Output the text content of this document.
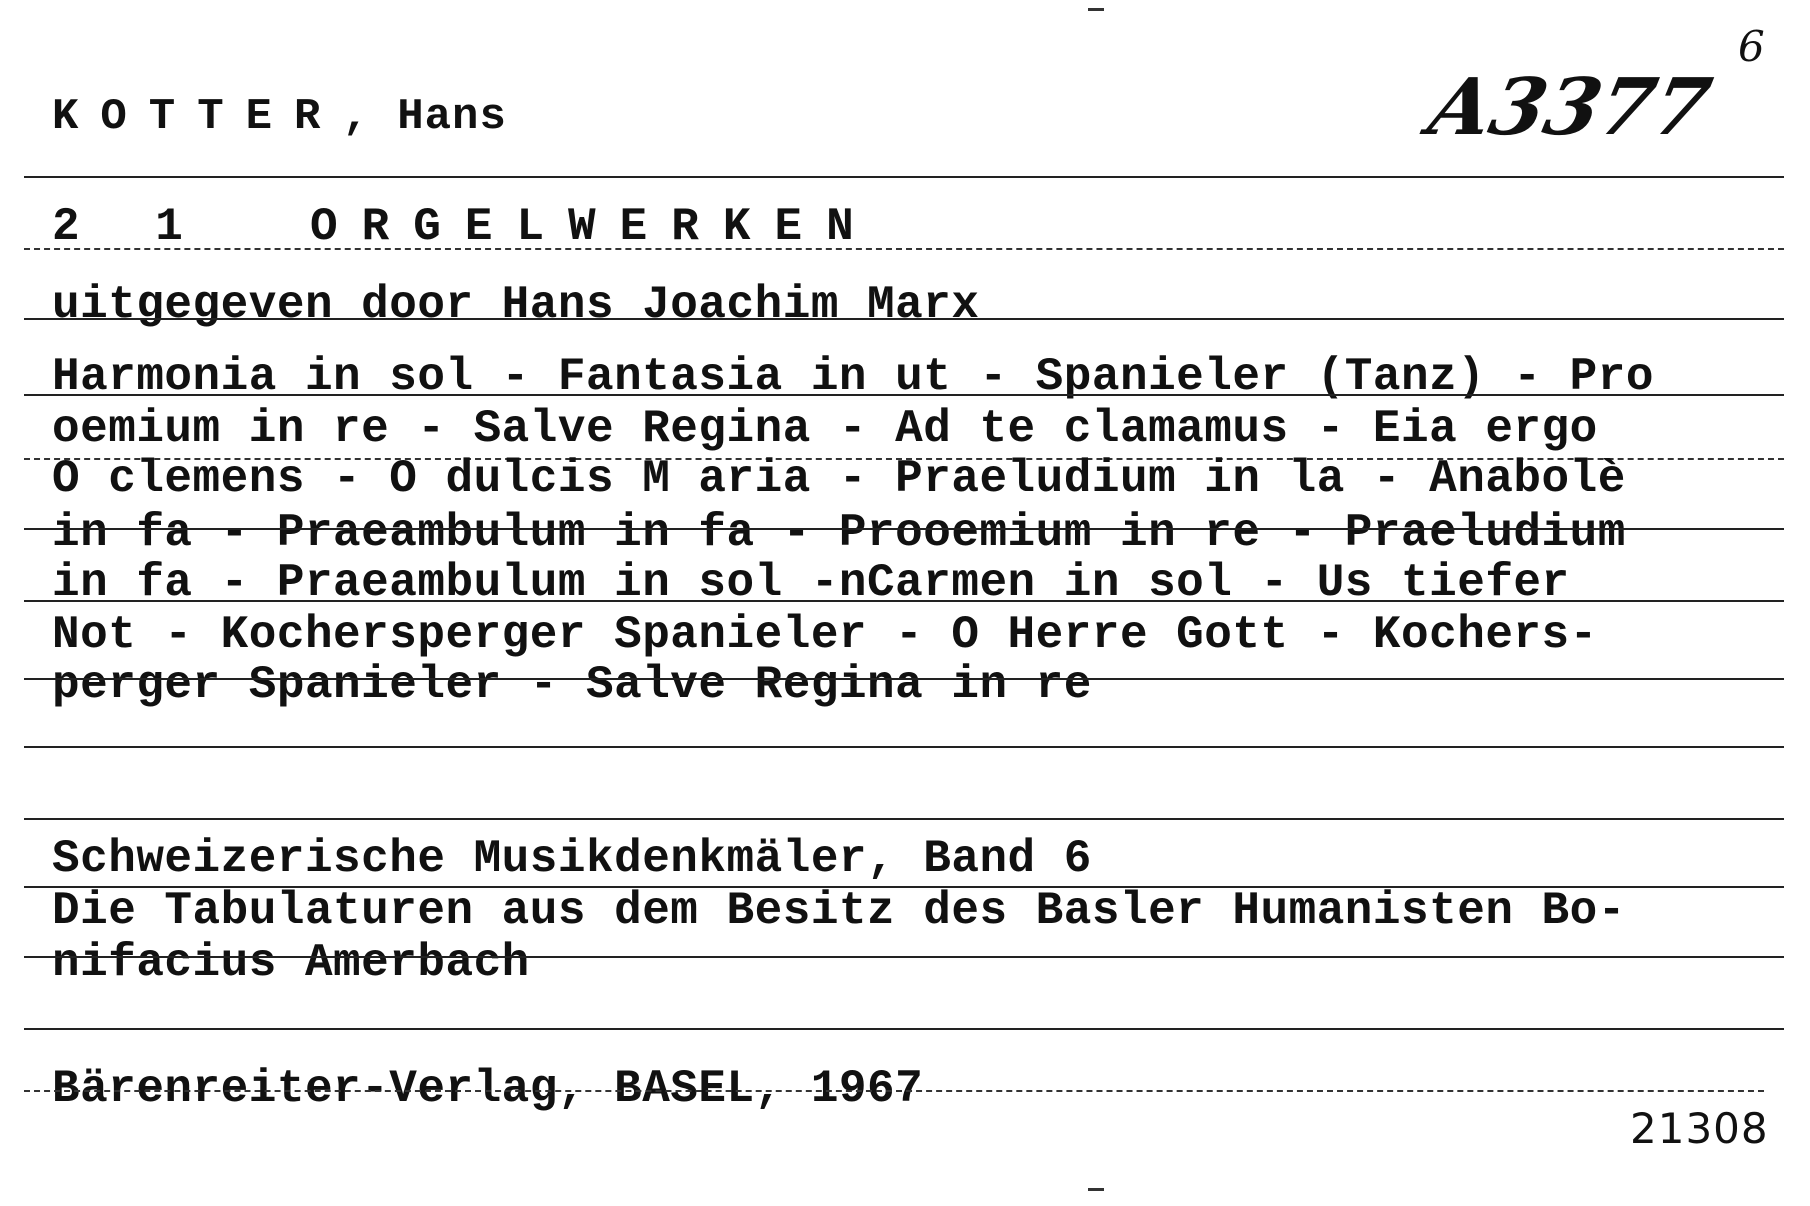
KOTTER, Hans	A3377
6
2 1  ORGELWERKEN
uitgegeven door Hans Joachim Marx
Harmonia in sol - Fantasia in ut - Spanieler (Tanz) - Pro
oemium in re - Salve Regina - Ad te clamamus - Eia ergo
O clemens - O dulcis M aria - Praeludium in la - Anabolè
in fa - Praeambulum in fa - Prooemium in re - Praeludium
in fa - Praeambulum in sol -nCarmen in sol - Us tiefer
Not - Kochersperger Spanieler - O Herre Gott - Kochers-
perger Spanieler - Salve Regina in re
Schweizerische Musikdenkmäler, Band 6
Die Tabulaturen aus dem Besitz des Basler Humanisten Bo-
nifacius Amerbach
Bärenreiter-Verlag, BASEL, 1967
21308
